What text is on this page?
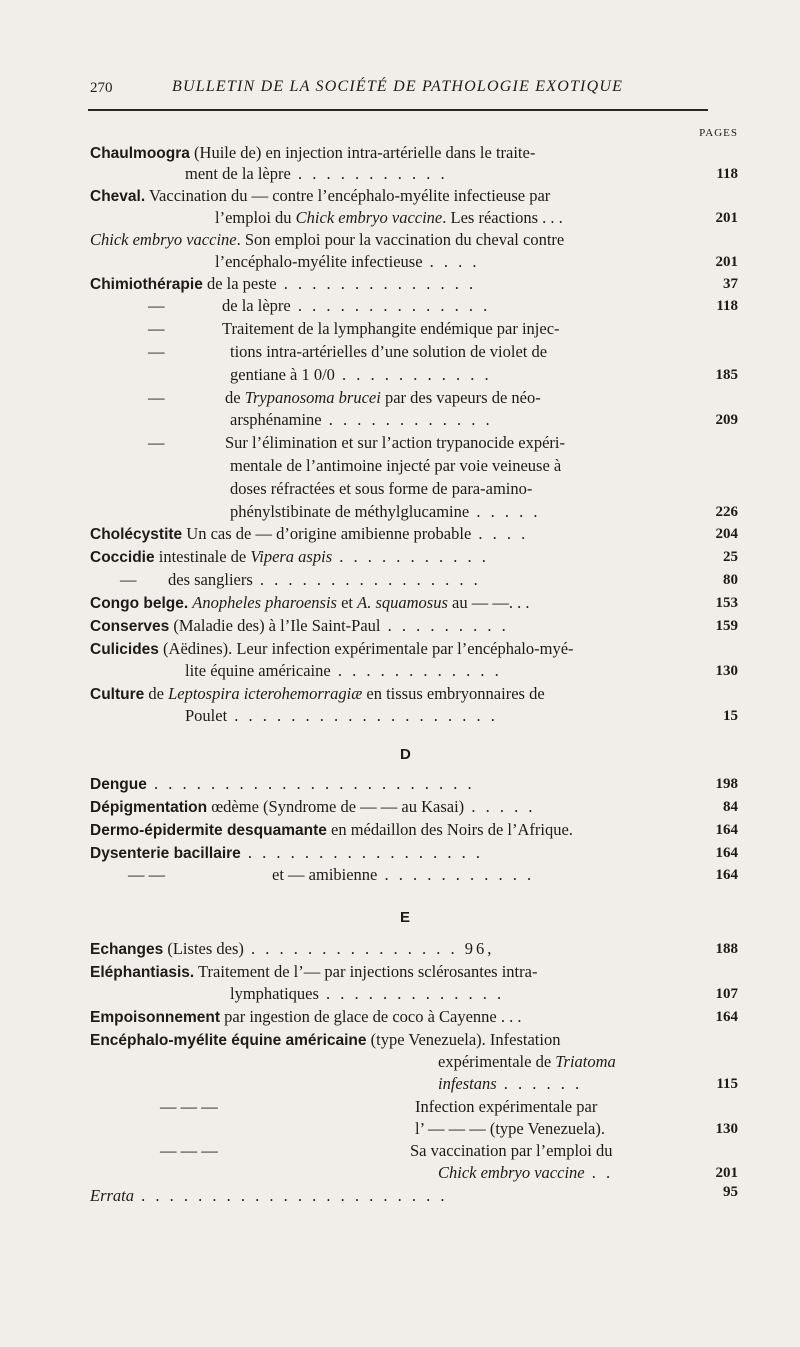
270	BULLETIN DE LA SOCIÉTÉ DE PATHOLOGIE EXOTIQUE
PAGES
Chaulmoogra (Huile de) en injection intra-artérielle dans le traite-
ment de la lèpre . . . . . . . . . . .	118
Cheval. Vaccination du — contre l’encéphalo-myélite infectieuse par
l’emploi du Chick embryo vaccine. Les réactions . . .	201
Chick embryo vaccine. Son emploi pour la vaccination du cheval contre
l’encéphalo-myélite infectieuse . . . .	201
Chimiothérapie de la peste . . . . . . . . . . . . . .	37
—	de la lèpre . . . . . . . . . . . . . .	118
—	Traitement de la lymphangite endémique par injec-
—	tions intra-artérielles d’une solution de violet de
gentiane à 1 0/0 . . . . . . . . . . .	185
—	de Trypanosoma brucei par des vapeurs de néo-
arsphénamine . . . . . . . . . . . .	209
—	Sur l’élimination et sur l’action trypanocide expéri-
mentale de l’antimoine injecté par voie veineuse à
doses réfractées et sous forme de para-amino-
phénylstibinate de méthylglucamine . . . . .	226
Cholécystite Un cas de — d’origine amibienne probable . . . .	204
Coccidie intestinale de Vipera aspis . . . . . . . . . . .	25
— des sangliers . . . . . . . . . . . . . . . .	80
Congo belge. Anopheles pharoensis et A. squamosus au — —. . .	153
Conserves (Maladie des) à l’Ile Saint-Paul . . . . . . . . .	159
Culicides (Aëdines). Leur infection expérimentale par l’encéphalo-myé-
lite équine américaine . . . . . . . . . . . .	130
Culture de Leptospira icterohemorragiæ en tissus embryonnaires de
Poulet . . . . . . . . . . . . . . . . . . .	15
D
Dengue . . . . . . . . . . . . . . . . . . . . . . .	198
Dépigmentation œdème (Syndrome de — — au Kasai) . . . . .	84
Dermo-épidermite desquamante en médaillon des Noirs de l’Afrique.	164
Dysenterie bacillaire . . . . . . . . . . . . . . . . .	164
— —	et — amibienne . . . . . . . . . . .	164
E
Echanges (Listes des) . . . . . . . . . . . . . . . 96,	188
Eléphantiasis. Traitement de l’— par injections sclérosantes intra-
lymphatiques . . . . . . . . . . . . .	107
Empoisonnement par ingestion de glace de coco à Cayenne . . .	164
Encéphalo-myélite équine américaine (type Venezuela). Infestation
expérimentale de Triatoma
infestans . . . . . .	115
— — —	Infection expérimentale par
l’ — — — (type Venezuela).	130
— — —	Sa vaccination par l’emploi du
Chick embryo vaccine . .	201
Errata . . . . . . . . . . . . . . . . . . . . . .	95
